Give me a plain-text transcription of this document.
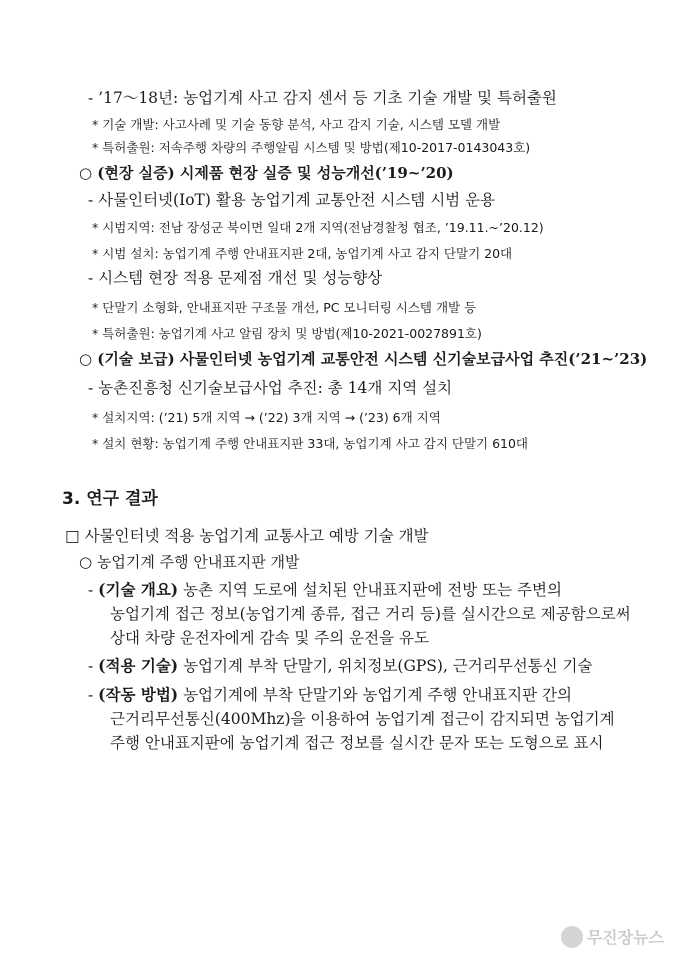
- ’17～18년: 농업기계 사고 감지 센서 등 기초 기술 개발 및 특허출원
* 기술 개발: 사고사례 및 기술 동향 분석, 사고 감지 기술, 시스템 모델 개발
* 특허출원: 저속주행 차량의 주행알림 시스템 및 방법(제10-2017-0143043호)
○ (현장 실증) 시제품 현장 실증 및 성능개선(’19~’20)
- 사물인터넷(IoT) 활용 농업기계 교통안전 시스템 시범 운용
* 시범지역: 전남 장성군 북이면 일대 2개 지역(전남경찰청 협조, ’19.11.~’20.12)
* 시범 설치: 농업기계 주행 안내표지판 2대, 농업기계 사고 감지 단말기 20대
- 시스템 현장 적용 문제점 개선 및 성능향상
* 단말기 소형화, 안내표지판 구조물 개선, PC 모니터링 시스템 개발 등
* 특허출원: 농업기계 사고 알림 장치 및 방법(제10-2021-0027891호)
○ (기술 보급) 사물인터넷 농업기계 교통안전 시스템 신기술보급사업 추진(’21~’23)
- 농촌진흥청 신기술보급사업 추진: 총 14개 지역 설치
* 설치지역: (’21) 5개 지역 → (’22) 3개 지역 → (’23) 6개 지역
* 설치 현황: 농업기계 주행 안내표지판 33대, 농업기계 사고 감지 단말기 610대
3. 연구 결과
□ 사물인터넷 적용 농업기계 교통사고 예방 기술 개발
○ 농업기계 주행 안내표지판 개발
- (기술 개요) 농촌 지역 도로에 설치된 안내표지판에 전방 또는 주변의
농업기계 접근 정보(농업기계 종류, 접근 거리 등)를 실시간으로 제공함으로써
상대 차량 운전자에게 감속 및 주의 운전을 유도
- (적용 기술) 농업기계 부착 단말기, 위치정보(GPS), 근거리무선통신 기술
- (작동 방법) 농업기계에 부착 단말기와 농업기계 주행 안내표지판 간의
근거리무선통신(400Mhz)을 이용하여 농업기계 접근이 감지되면 농업기계
주행 안내표지판에 농업기계 접근 정보를 실시간 문자 또는 도형으로 표시
무진장뉴스
